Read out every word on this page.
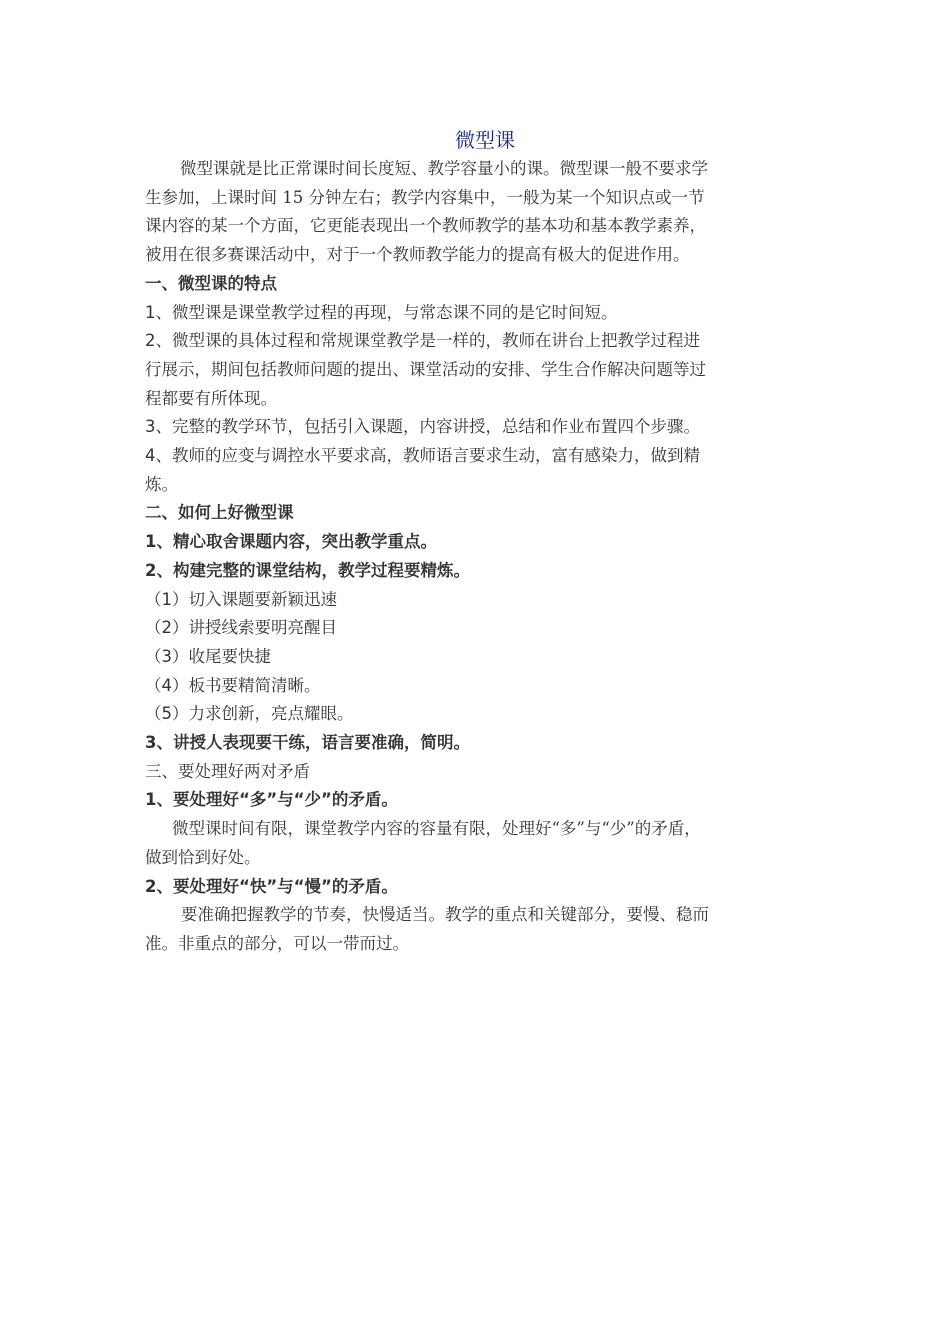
微型课
微型课就是比正常课时间长度短、教学容量小的课。微型课一般不要求学
生参加，上课时间 15 分钟左右；教学内容集中，一般为某一个知识点或一节
课内容的某一个方面，它更能表现出一个教师教学的基本功和基本教学素养，
被用在很多赛课活动中，对于一个教师教学能力的提高有极大的促进作用。
一、微型课的特点
1、微型课是课堂教学过程的再现，与常态课不同的是它时间短。
2、微型课的具体过程和常规课堂教学是一样的，教师在讲台上把教学过程进
行展示，期间包括教师问题的提出、课堂活动的安排、学生合作解决问题等过
程都要有所体现。
3、完整的教学环节，包括引入课题，内容讲授，总结和作业布置四个步骤。
4、教师的应变与调控水平要求高，教师语言要求生动，富有感染力，做到精
炼。
二、如何上好微型课
1、精心取舍课题内容，突出教学重点。
2、构建完整的课堂结构，教学过程要精炼。
（1）切入课题要新颖迅速
（2）讲授线索要明亮醒目
（3）收尾要快捷
（4）板书要精简清晰。
（5）力求创新，亮点耀眼。
3、讲授人表现要干练，语言要准确，简明。
三、要处理好两对矛盾
1、要处理好“多”与“少”的矛盾。
微型课时间有限，课堂教学内容的容量有限，处理好“多”与“少”的矛盾，
做到恰到好处。
2、要处理好“快”与“慢”的矛盾。
要准确把握教学的节奏，快慢适当。教学的重点和关键部分，要慢、稳而
准。非重点的部分，可以一带而过。
